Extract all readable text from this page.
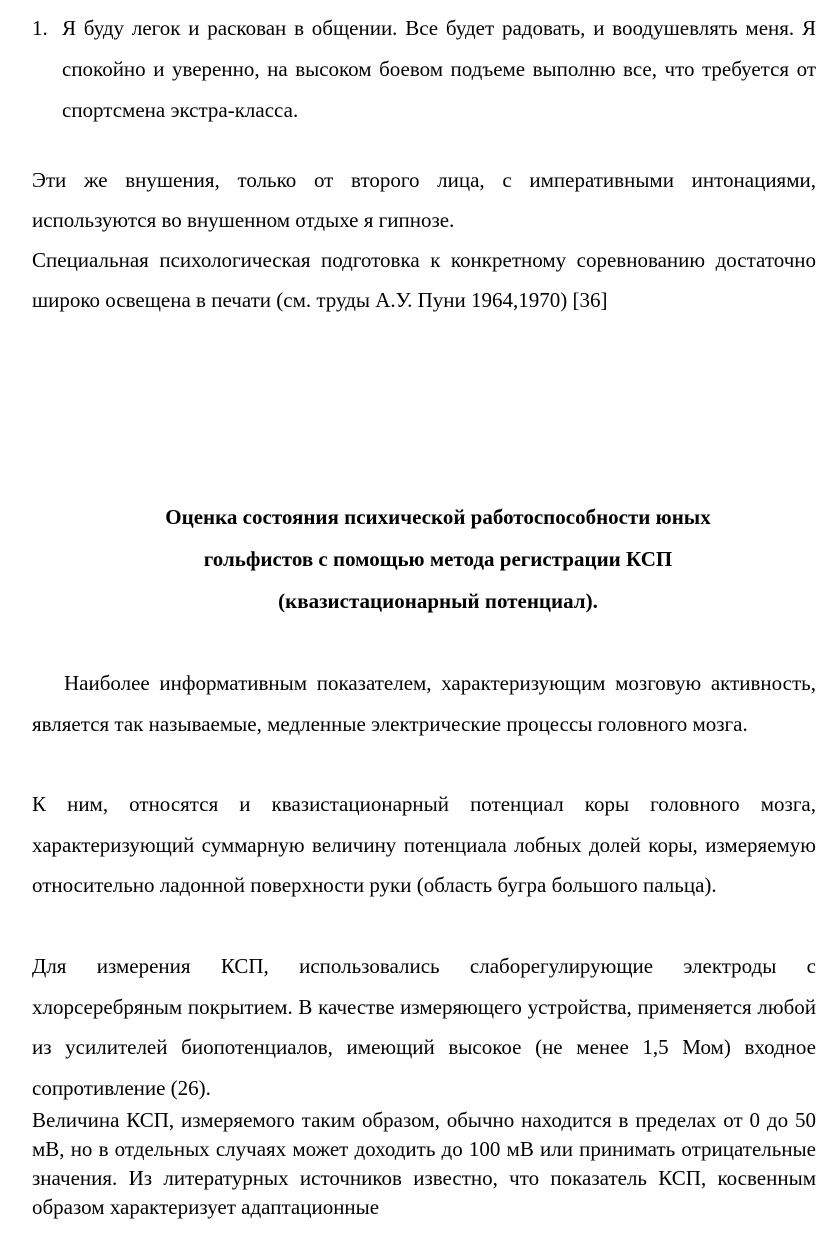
1. Я буду легок и раскован в общении. Все будет радовать, и воодушевлять меня. Я спокойно и уверенно, на высоком боевом подъеме выполню все, что требуется от спортсмена экстра-класса.

Эти же внушения, только от второго лица, с императивными интонациями, используются во внушенном отдыхе я гипнозе.

Специальная психологическая подготовка к конкретному соревнованию достаточно широко освещена в печати (см. труды А.У. Пуни 1964,1970) [36]

Оценка состояния психической работоспособности юных
гольфистов с помощью метода регистрации КСП
(квазистационарный потенциал).

Наиболее информативным показателем, характеризующим мозговую активность, является так называемые, медленные электрические процессы головного мозга.

К ним, относятся и квазистационарный потенциал коры головного мозга, характеризующий суммарную величину потенциала лобных долей коры, измеряемую относительно ладонной поверхности руки (область бугра большого пальца).

Для измерения КСП, использовались слаборегулирующие электроды с хлорсеребряным покрытием. В качестве измеряющего устройства, применяется любой из усилителей биопотенциалов, имеющий высокое (не менее 1,5 Мом) входное сопротивление (26).

Величина КСП, измеряемого таким образом, обычно находится в пределах от 0 до 50 мВ, но в отдельных случаях может доходить до 100 мВ или принимать отрицательные значения. Из литературных источников известно, что показатель КСП, косвенным образом характеризует адаптационные
